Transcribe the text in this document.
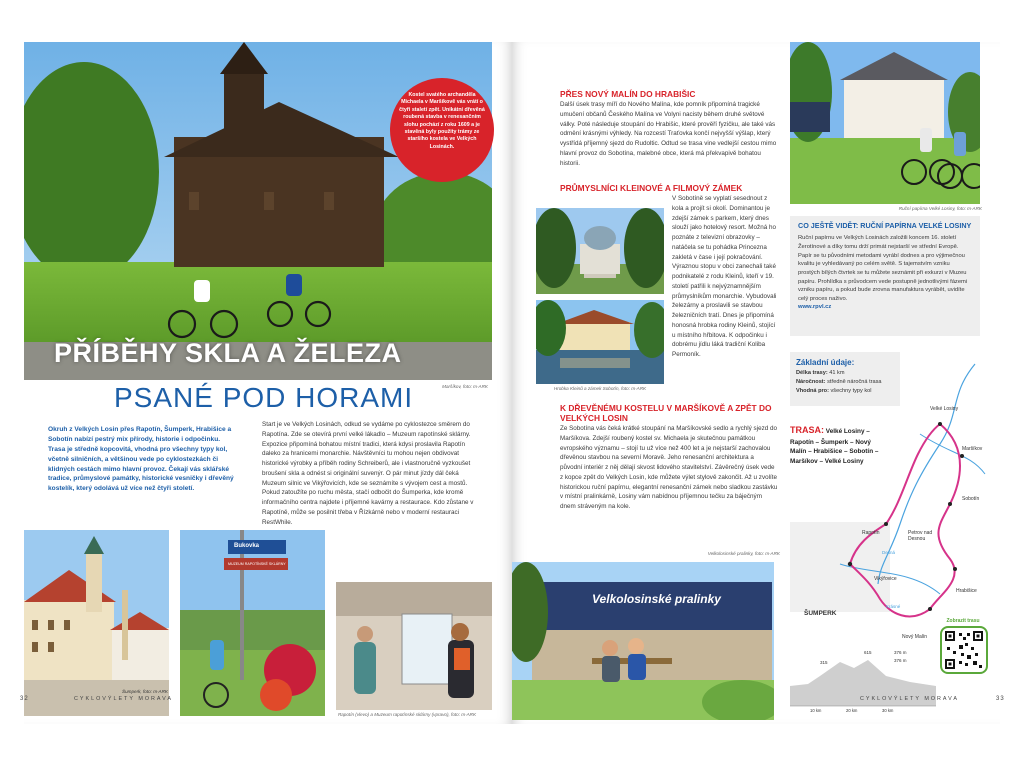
Kostel svatého archanděla Michaela v Maršíkově vás vrátí o čtyři staletí zpět. Unikátní dřevěná roubená stavba v renesančním slohu pochází z roku 1609 a je stavěná byly použity trámy ze staršího kostela ve Velkých Losinách.
PŘÍBĚHY SKLA A ŽELEZA
PSANÉ POD HORAMI	Maršíkov, foto: m-ARK
Okruh z Velkých Losin přes Rapotín, Šumperk, Hrabišice a Sobotín nabízí pestrý mix přírody, historie i odpočinku. Trasa je středně kopcovitá, vhodná pro všechny typy kol, včetně silničních, a většinou vede po cyklostezkách či klidných cestách mimo hlavní provoz. Čekají vás sklářské tradice, průmyslové památky, historické vesničky i dřevěný kostelík, který odolává už více než čtyři století.
Start je ve Velkých Losinách, odkud se vydáme po cyklostezce směrem do Rapotína. Zde se otevírá první velké lákadlo – Muzeum rapotínské sklárny. Expozice připomíná bohatou místní tradici, která kdysi proslavila Rapotín daleko za hranicemi monarchie. Návštěvníci tu mohou nejen obdivovat historické výrobky a příběh rodiny Schreiberů, ale i vlastnoručně vyzkoušet broušení skla a odnést si originální suvenýr. O pár minut jízdy dál čeká Muzeum silnic ve Vikýřovicích, kde se seznámíte s vývojem cest a mostů. Pokud zatoužíte po ruchu města, stačí odbočit do Šumperka, kde kromě informačního centra najdete i příjemné kavárny a restaurace. Kdo zůstane v Rapotíně, může se posilnit třeba v Řízkárně nebo v moderní restauraci RestWhile.
Šumperk, foto: m-ARK
Bukovka
MUZEUM RAPOTÍNSKÉ SKLÁRNY
Rapotín (vlevo) a Muzeum rapotínské sklárny (vpravo), foto: m-ARK
32	CYKLOVÝLETY MORAVA
PŘES NOVÝ MALÍN DO HRABIŠIC
Další úsek trasy míří do Nového Malína, kde pomník připomíná tragické umučení občanů Českého Malína ve Volyni nacisty během druhé světové války. Poté následuje stoupání do Hrabišic, které prověří fyzičku, ale také vás odmění krásnými výhledy. Na rozcestí Traťovka končí nejvyšší výšlap, který vystřídá příjemný sjezd do Rudoltic. Odtud se trasa vine vedlejší cestou mimo hlavní provoz do Sobotína, malebné obce, která má překvapivě bohatou historii.
PRŮMYSLNÍCI KLEINOVÉ A FILMOVÝ ZÁMEK
Hrobka Kleinů a zámek Sobotín, foto: m-ARK
V Sobotíně se vyplatí sesednout z kola a projít si okolí. Dominantou je zdejší zámek s parkem, který dnes slouží jako hotelový resort. Možná ho poznáte z televizní obrazovky – natáčela se tu pohádka Princezna zakletá v čase i její pokračování. Výraznou stopu v obci zanechali také podnikatelé z rodu Kleinů, kteří v 19. století patřili k nejvýznamnějším průmyslníkům monarchie. Vybudovali železárny a proslavili se stavbou železničních tratí. Dnes je připomíná honosná hrobka rodiny Kleinů, stojící u místního hřbitova. K odpočinku i dobrému jídlu láká tradiční Koliba Permoník.
K DŘEVĚNÉMU KOSTELU V MARŠÍKOVĚ A ZPĚT DO VELKÝCH LOSIN
Ze Sobotína vás čeká krátké stoupání na Maršíkovské sedlo a rychlý sjezd do Maršíkova. Zdejší roubený kostel sv. Michaela je skutečnou památkou evropského významu – stojí tu už více než 400 let a je nejstarší zachovalou dřevěnou stavbou na severní Moravě. Jeho renesanční architektura a původní interiér z něj dělají skvost lidového stavitelství. Závěrečný úsek vede z kopce zpět do Velkých Losin, kde můžete výlet stylově zakončit. Až u zvolíte historickou ruční papírnu, elegantní renesanční zámek nebo sladkou zastávku v místní pralinkárně, Losiny vám nabídnou příjemnou tečku za báječným dnem stráveným na kole.
Velkolosinské pralinky, foto: m-ARK
Velkolosinské pralinky
Ruční papírna Velké Losiny, foto: m-ARK
CO JEŠTĚ VIDĚT: RUČNÍ PAPÍRNA VELKÉ LOSINY
Ruční papírnu ve Velkých Losinách založili koncem 16. století Žerotínové a díky tomu drží primát nejstarší ve střední Evropě. Papír se tu původními metodami vyrábí dodnes a pro výjimečnou kvalitu je vyhledávaný po celém světě. S tajemstvím vzniku prostých bílých čtvrtek se tu můžete seznámit při exkurzi v Muzeu papíru. Prohlídka s průvodcem vede postupně jednotlivými fázemi vzniku papíru, a pokud bude zrovna manufaktura vyrábět, uvidíte celý proces naživo.
www.rpvl.cz
Základní údaje:
Délka trasy: 41 km
Náročnost: středně náročná trasa
Vhodná pro: všechny typy kol
TRASA: Velké Losiny – Rapotín – Šumperk – Nový Malín – Hrabišice – Sobotín – Maršíkov – Velké Losiny
Velké Losiny
Maršíkov
Sobotín
Rapotín	Petrov nad Desnou
Vikýřovice
Hrabišice
ŠUMPERK
Nový Malín
Desná
Krásné
315
615	376 m
376 m
10 km	20 km	30 km
Zobrazit trasu
CYKLOVÝLETY MORAVA	33
